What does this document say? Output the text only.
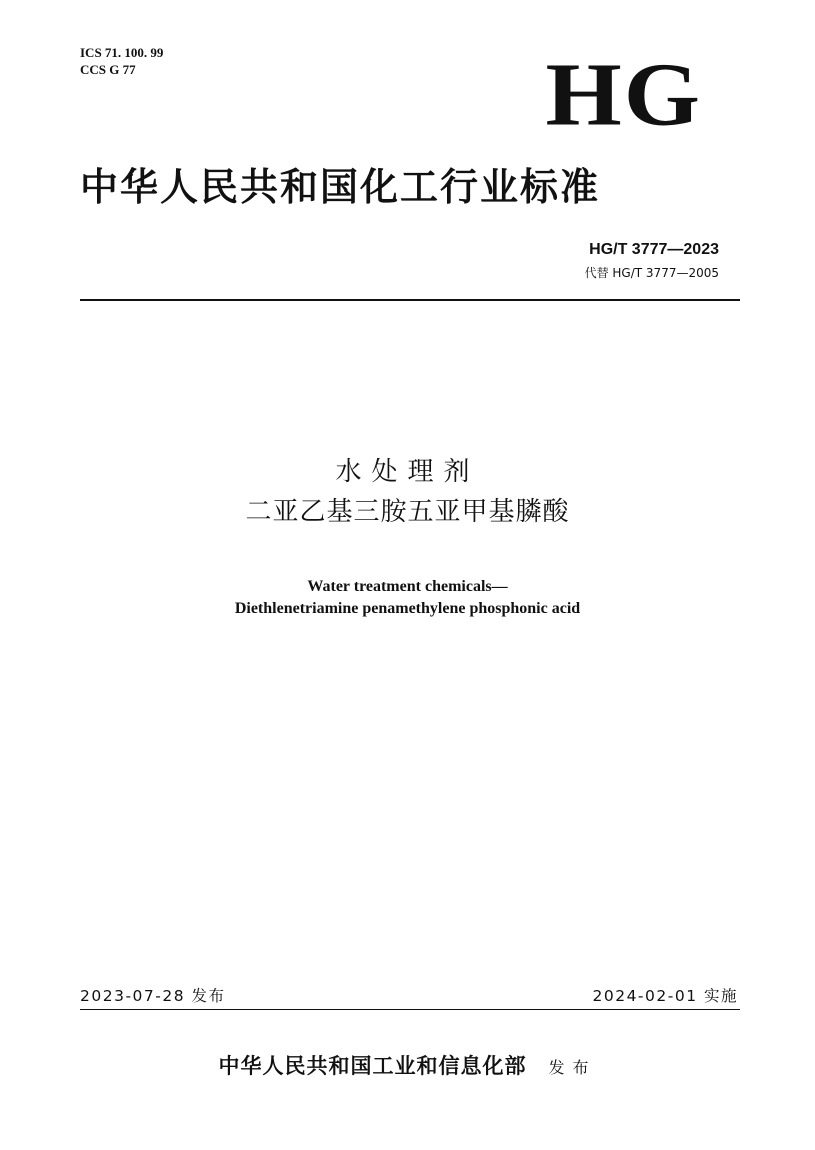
ICS 71. 100. 99
CCS G 77	HG
中华人民共和国化工行业标准
HG/T 3777—2023
代替 HG/T 3777—2005
水处理剂
二亚乙基三胺五亚甲基膦酸
Water treatment chemicals—
Diethlenetriamine penamethylene phosphonic acid
2023-07-28 发布	2024-02-01 实施
中华人民共和国工业和信息化部 发布
